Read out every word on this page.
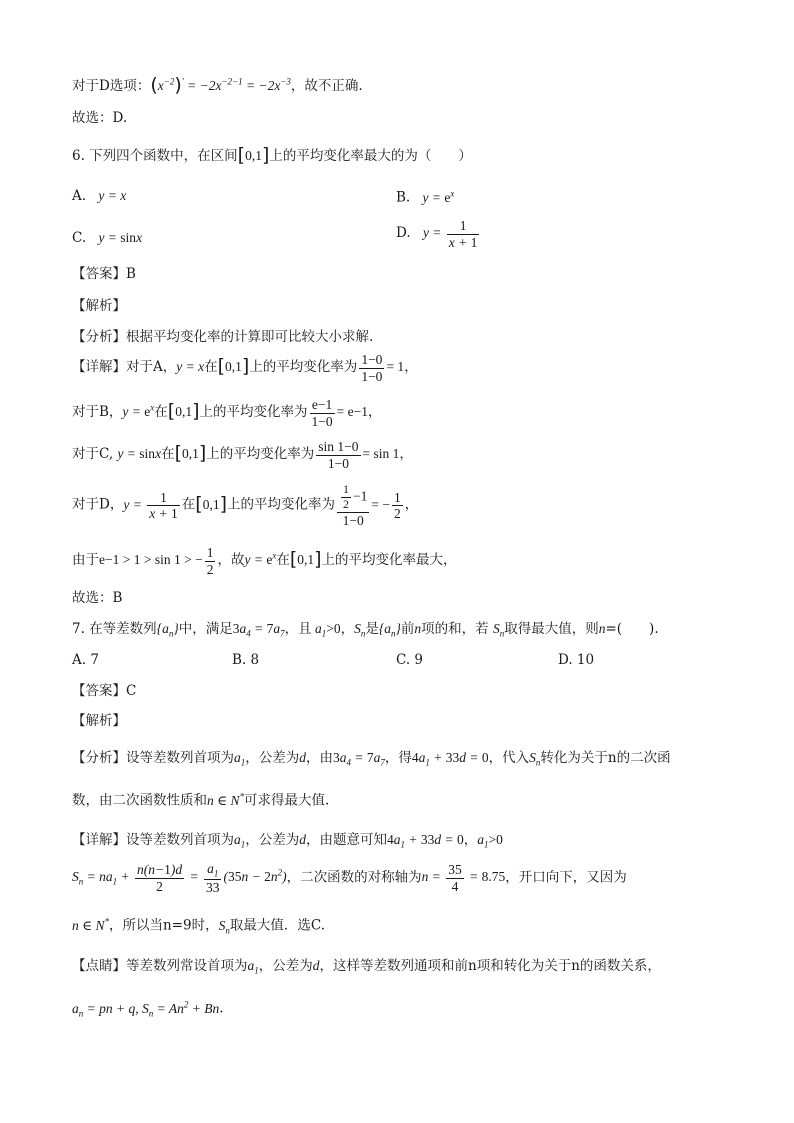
对于D选项：$(x^{-2})' = -2x^{-2-1} = -2x^{-3}$，故不正确.
故选：D.
6. 下列四个函数中，在区间[0,1]上的平均变化率最大的为（　　）
A. y = x	B. $y = e^x$
C. y = sinx	D. $y = \frac{1}{x + 1}$
【答案】B
【解析】
【分析】根据平均变化率的计算即可比较大小求解.
【详解】对于A，y = x在[0,1]上的平均变化率为 $\frac{1-0}{1-0} = 1$，
对于B，$y = e^x$在[0,1]上的平均变化率为 $\frac{e-1}{1-0} = e-1$，
对于C, y = sinx在[0,1]上的平均变化率为 $\frac{\sin 1-0}{1-0} = \sin 1$，
对于D，$y = \frac{1}{x + 1}$ 在[0,1]上的平均变化率为 $\frac{\frac{1}{2} -1}{1-0}$ = − $\frac{1}{2}$ ，
由于e−1 > 1 > sin 1 > − $\frac{1}{2}$ ，故$y = e^x$在[0,1]上的平均变化率最大，
故选：B
7. 在等差数列$\{a_n\}$中，满足$3a_4 = 7a_7$，且 $a_1>0$，$S_n$是$\{a_n\}$前n项的和，若 $S_n$取得最大值，则n=(　　).
A. 7	B. 8	C. 9	D. 10
【答案】C
【解析】
【分析】设等差数列首项为$a_1$，公差为d，由$3a_4 = 7a_7$，得$4a_1 + 33d = 0$，代入$S_n$转化为关于n的二次函
数，由二次函数性质和n ∈ N*可求得最大值.
【详解】设等差数列首项为$a_1$，公差为d，由题意可知$4a_1 + 33d = 0$，$a_1>0$
$S_n = na_1 + \frac{n(n-1)d}{2} = \frac{a_1}{33} (35n - 2n^2)$，二次函数的对称轴为$n = \frac{35}{4} = 8.75$，开口向下，又因为
n ∈ N*，所以当n=9时，$S_n$取最大值．选C.
【点睛】等差数列常设首项为$a_1$，公差为d，这样等差数列通项和前n项和转化为关于n的函数关系，
$a_n$ = pn + q, $S_n = An^2 + Bn$.
